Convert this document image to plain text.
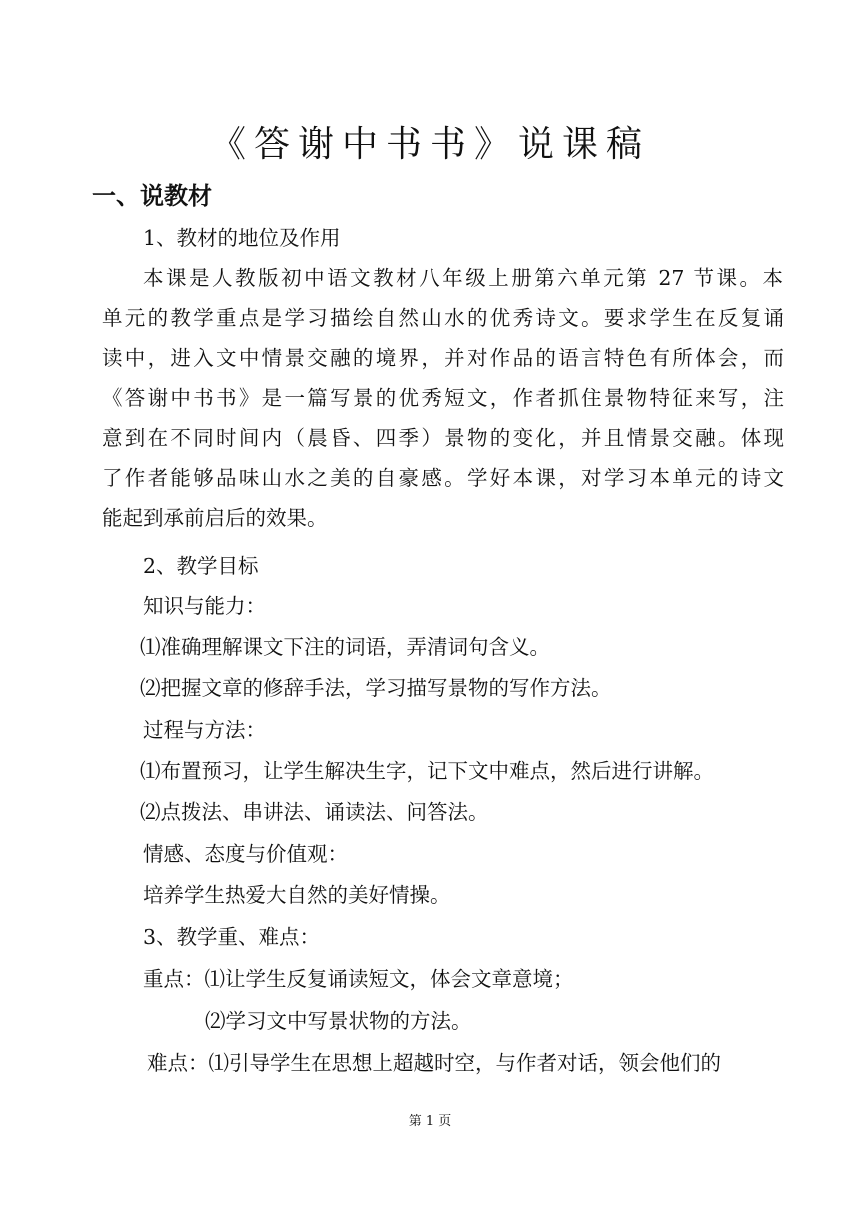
《答谢中书书》说课稿
一、说教材
1、教材的地位及作用
本课是人教版初中语文教材八年级上册第六单元第 27 节课。本
单元的教学重点是学习描绘自然山水的优秀诗文。要求学生在反复诵
读中，进入文中情景交融的境界，并对作品的语言特色有所体会，而
《答谢中书书》是一篇写景的优秀短文，作者抓住景物特征来写，注
意到在不同时间内（晨昏、四季）景物的变化，并且情景交融。体现
了作者能够品味山水之美的自豪感。学好本课，对学习本单元的诗文
能起到承前启后的效果。
2、教学目标
知识与能力：
⑴准确理解课文下注的词语，弄清词句含义。
⑵把握文章的修辞手法，学习描写景物的写作方法。
过程与方法：
⑴布置预习，让学生解决生字，记下文中难点，然后进行讲解。
⑵点拨法、串讲法、诵读法、问答法。
情感、态度与价值观：
培养学生热爱大自然的美好情操。
3、教学重、难点：
重点：⑴让学生反复诵读短文，体会文章意境；
⑵学习文中写景状物的方法。
难点：⑴引导学生在思想上超越时空，与作者对话，领会他们的
第 1 页
